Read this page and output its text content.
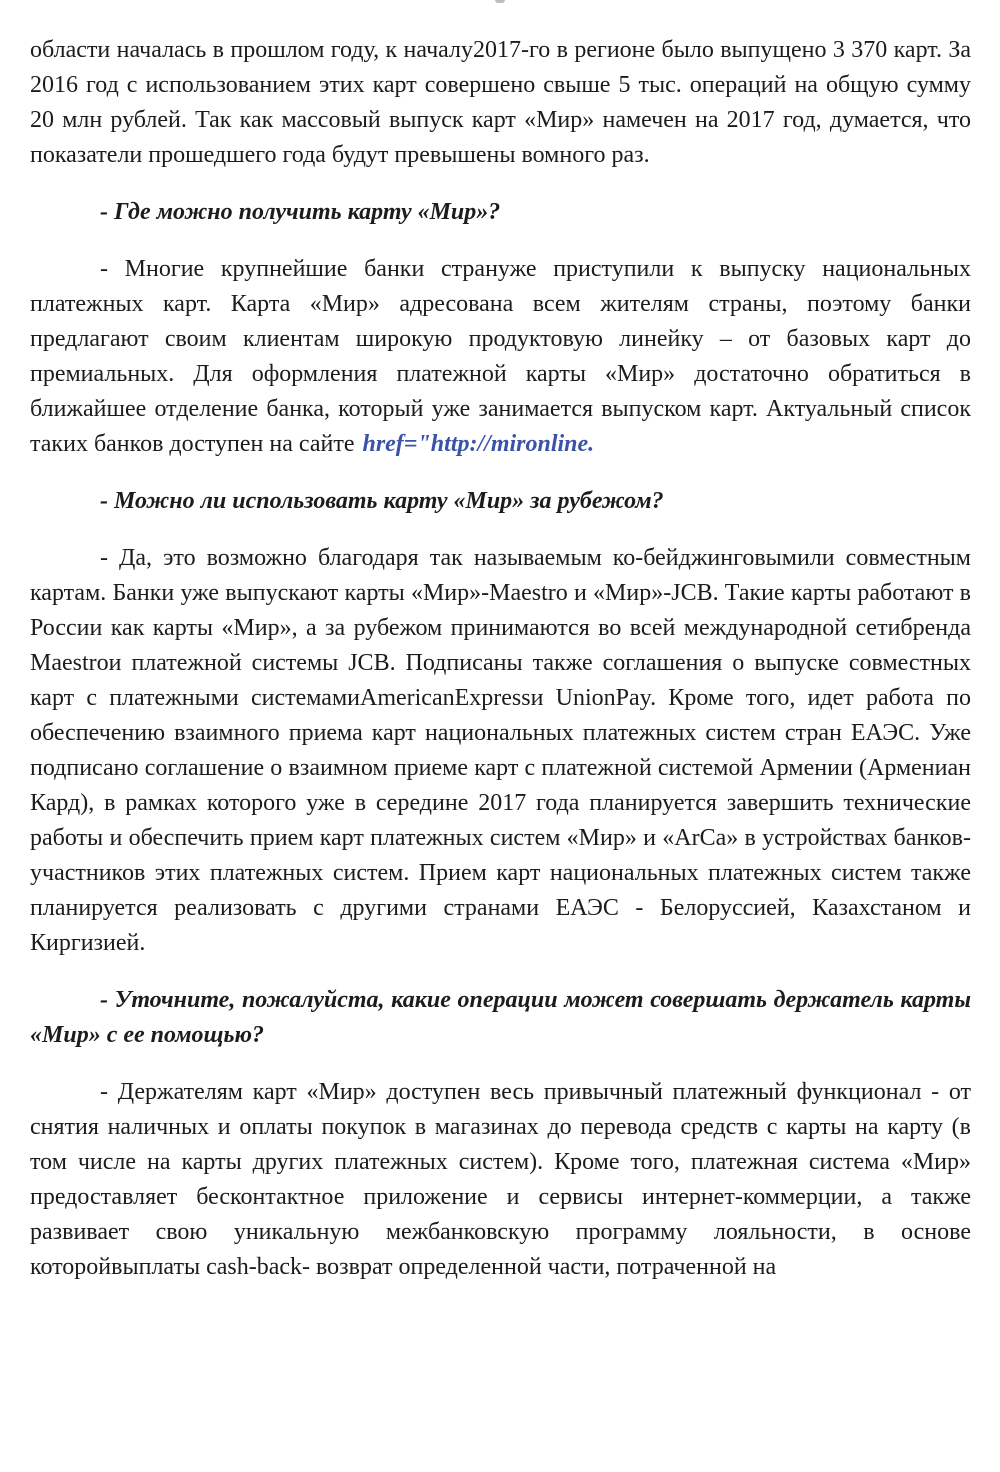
области началась в прошлом году, к началу2017-го в регионе было выпущено 3 370 карт. За 2016 год с использованием этих карт совершено свыше 5 тыс. операций на общую сумму 20 млн рублей. Так как массовый выпуск карт «Мир» намечен на 2017 год, думается, что показатели прошедшего года будут превышены вомного раз.

- Где можно получить карту «Мир»?

- Многие крупнейшие банки странуже приступили к выпуску национальных платежных карт. Карта «Мир» адресована всем жителям страны, поэтому банки предлагают своим клиентам широкую продуктовую линейку – от базовых карт до премиальных. Для оформления платежной карты «Мир» достаточно обратиться в ближайшее отделение банка, который уже занимается выпуском карт. Актуальный список таких банков доступен на сайте href="http://mironline.

- Можно ли использовать карту «Мир» за рубежом?

- Да, это возможно благодаря так называемым ко-бейджинговымили совместным картам. Банки уже выпускают карты «Мир»-Maestro и «Мир»-JCB. Такие карты работают в России как карты «Мир», а за рубежом принимаются во всей международной сетибренда Maestroи платежной системы JCB. Подписаны также соглашения о выпуске совместных карт с платежными системамиAmericanExpressи UnionPay. Кроме того, идет работа по обеспечению взаимного приема карт национальных платежных систем стран ЕАЭС. Уже подписано соглашение о взаимном приеме карт с платежной системой Армении (Армениан Кард), в рамках которого уже в середине 2017 года планируется завершить технические работы и обеспечить прием карт платежных систем «Мир» и «ArCa» в устройствах банков-участников этих платежных систем. Прием карт национальных платежных систем также планируется реализовать с другими странами ЕАЭС - Белоруссией, Казахстаном и Киргизией.

- Уточните, пожалуйста, какие операции может совершать держатель карты «Мир» с ее помощью?

- Держателям карт «Мир» доступен весь привычный платежный функционал - от снятия наличных и оплаты покупок в магазинах до перевода средств с карты на карту (в том числе на карты других платежных систем). Кроме того, платежная система «Мир» предоставляет бесконтактное приложение и сервисы интернет-коммерции, а также развивает свою уникальную межбанковскую программу лояльности, в основе которойвыплаты cash-back- возврат определенной части, потраченной на
